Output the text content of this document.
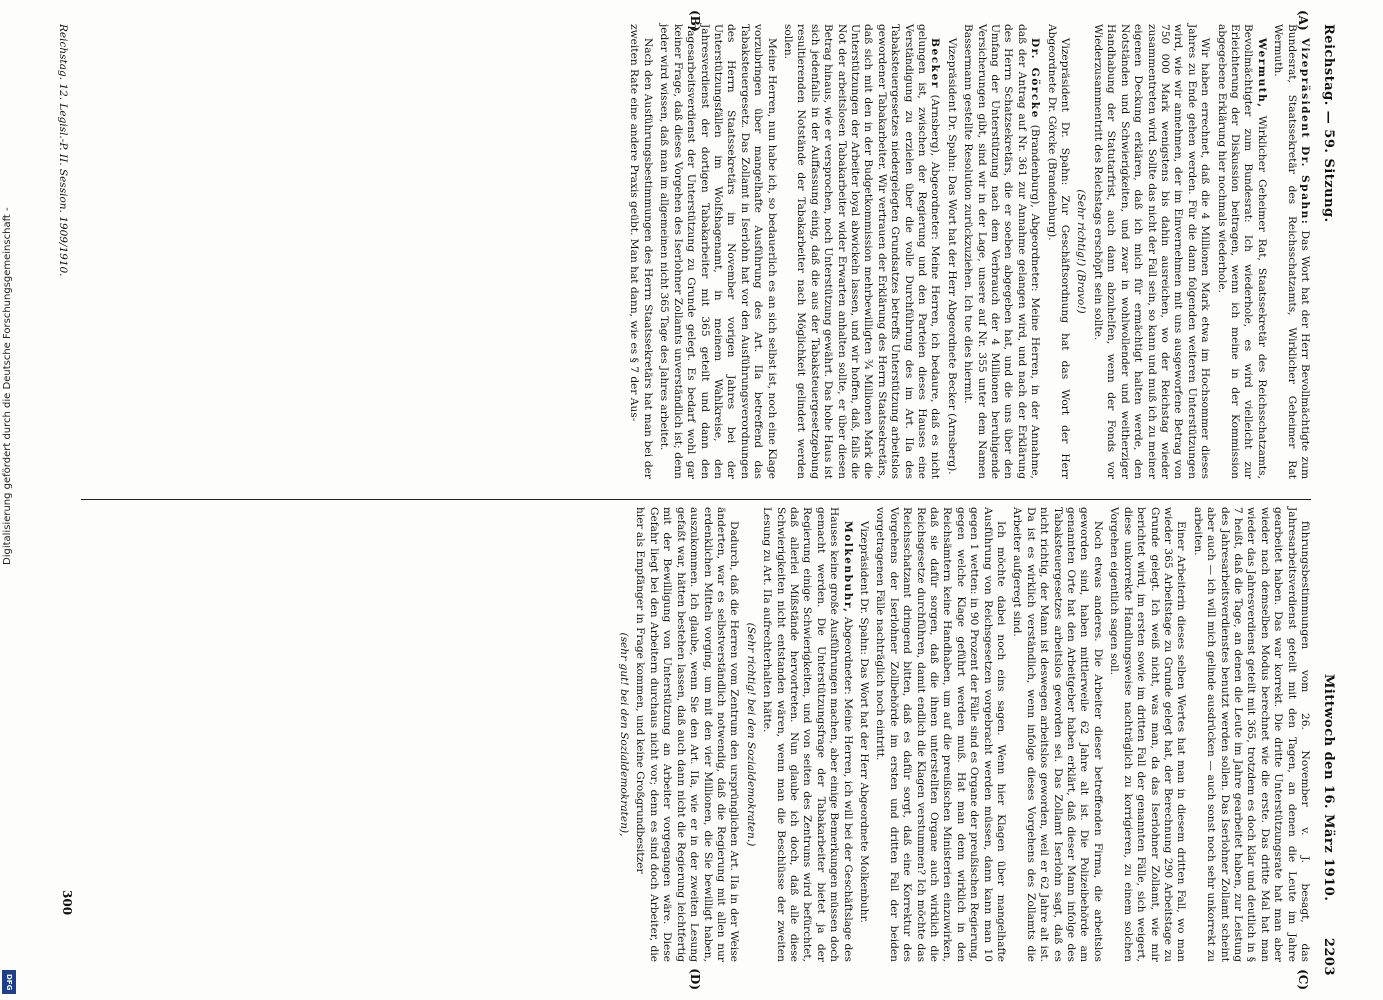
Reichstag. — 59. Sitzung.
Mittwoch den 16. März 1910.
2203
(A)
(B)
(C)
(D)

Vizepräsident Dr. Spahn: Das Wort hat der Herr Bevollmächtigte zum Bundesrat, Staatssekretär des Reichsschatzamts, Wirklicher Geheimer Rat Wermuth.

Wermuth, Wirklicher Geheimer Rat, Staatssekretär des Reichsschatzamts, Bevollmächtigter zum Bundesrat: Ich wiederhole, es wird vielleicht zur Erleichterung der Diskussion beitragen, wenn ich meine in der Kommission abgegebene Erklärung hier nochmals wiederhole.

Wir haben errechnet, daß die 4 Millionen Mark etwa im Hochsommer dieses Jahres zu Ende gehen werden. Für die dann folgenden weiteren Unterstützungen wird, wie wir annehmen, der im Einvernehmen mit uns ausgeworfene Betrag von 750 000 Mark wenigstens bis dahin ausreichen, wo der Reichstag wieder zusammentreten wird. Sollte das nicht der Fall sein, so kann und muß ich zu meiner eigenen Deckung erklären, daß ich mich für ermächtigt halten werde, den Notständen und Schwierigkeiten, und zwar in wohlwollender und weitherziger Handhabung der Statutarfrist, auch dann abzuhelfen, wenn der Fonds vor Wiederzusammentritt des Reichstags erschöpft sein sollte.

(Sehr richtig!) (Bravo!)

Vizepräsident Dr. Spahn: Zur Geschäftsordnung hat das Wort der Herr Abgeordnete Dr. Görcke (Brandenburg).

Dr. Görcke (Brandenburg), Abgeordneter: Meine Herren, in der Annahme, daß der Antrag auf Nr. 361 zur Annahme gelangen wird, und nach der Erklärung des Herrn Schatzsekretärs, die er soeben abgegeben hat, und die uns über den Umfang der Unterstützung nach dem Verbrauch der 4 Millionen beruhigende Versicherungen gibt, sind wir in der Lage, unsere auf Nr. 355 unter dem Namen Bassermann gestellte Resolution zurückzuziehen. Ich tue dies hiermit.

Vizepräsident Dr. Spahn: Das Wort hat der Herr Abgeordnete Becker (Arnsberg).

Becker (Arnsberg), Abgeordneter: Meine Herren, ich bedaure, daß es nicht gelungen ist, zwischen der Regierung und den Parteien dieses Hauses eine Verständigung zu erzielen über die volle Durchführung des im Art. IIa des Tabaksteuergesetzes niedergelegten Grundsatzes betreffs Unterstützung arbeitslos gewordener Tabakarbeiter. Wir vertrauen der Erklärung des Herrn Staatssekretärs, daß sich mit den in der Budgetkommission mehrbewilligten ¾ Millionen Mark die Unterstützungen der Arbeiter loyal abwickeln lassen, und wir hoffen, daß, falls die Not der arbeitslosen Tabakarbeiter wider Erwarten anhalten sollte, er über diesen Betrag hinaus, wie er versprochen, noch Unterstützung gewährt. Das hohe Haus ist sich jedenfalls in der Auffassung einig, daß die aus der Tabaksteuergesetzgebung resultierenden Notstände der Tabakarbeiter nach Möglichkeit gelindert werden sollen.

Meine Herren, nun habe ich, so bedauerlich es an sich selbst ist, noch eine Klage vorzubringen über mangelhafte Ausführung des Art. IIa betreffend das Tabaksteuergesetz. Das Zollamt in Iserlohn hat vor den Ausführungsverordnungen des Herrn Staatssekretärs im November vorigen Jahres bei der Unterstützungsfällen im Wolfshagenamt, in meinem Wahlkreise, den Jahresverdienst der dortigen Tabakarbeiter mit 365 geteilt und dann den Tagesarbeitsverdienst der Unterstützung zu Grunde gelegt. Es bedarf wohl gar keiner Frage, daß dieses Vorgehen des Iserlohner Zollamts unverständlich ist; denn jeder wird wissen, daß man im allgemeinen nicht 365 Tage des Jahres arbeitet.

Nach den Ausführungsbestimmungen des Herrn Staatssekretärs hat man bei der zweiten Rate eine andere Praxis geübt. Man hat dann, wie es § 7 der Aus-

führungsbestimmungen vom 26. November v. J. besagt, das Jahresarbeitsverdienst geteilt mit den Tagen, an denen die Leute im Jahre gearbeitet haben. Das war korrekt. Die dritte Unterstützungsrate hat man aber wieder nach demselben Modus berechnet wie die erste. Das dritte Mal hat man wieder das Jahresverdienst geteilt mit 365, trotzdem es doch klar und deutlich in § 7 heißt, daß die Tage, an denen die Leute im Jahre gearbeitet haben, zur Leistung des Jahresarbeitsverdienstes benutzt werden sollen. Das Iserlohner Zollamt scheint aber auch — ich will mich gelinde ausdrücken — auch sonst noch sehr unkorrekt zu arbeiten.

Einer Arbeiterin dieses selben Wertes hat man in diesem dritten Fall, wo man wieder 365 Arbeitstage zu Grunde gelegt hat, der Berechnung 290 Arbeitstage zu Grunde gelegt. Ich weiß nicht, was man, da das Iserlohner Zollamt, wie mir berichtet wird, im ersten sowie im dritten Fall der genannten Fälle, sich weigert, diese unkorrekte Handlungsweise nachträglich zu korrigieren, zu einem solchen Vorgehen eigentlich sagen soll.

Noch etwas anderes. Die Arbeiter dieser betreffenden Firma, die arbeitslos geworden sind, haben mittlerweile 62 Jahre alt ist. Die Polizeibehörde am genannten Orte hat den Arbeitgeber haben erklärt, daß dieser Mann infolge des Tabaksteuergesetzes arbeitslos geworden sei. Das Zollamt Iserlohn sagt, daß es nicht richtig, der Mann ist deswegen arbeitslos geworden, weil er 62 Jahre alt ist. Da ist es wirklich verständlich, wenn infolge dieses Vorgehens des Zollamts die Arbeiter aufgeregt sind.

Ich möchte dabei noch eins sagen. Wenn hier Klagen über mangelhafte Ausführung von Reichsgesetzen vorgebracht werden müssen, dann kann man 10 gegen 1 wetten: in 90 Prozent der Fälle sind es Organe der preußischen Regierung, gegen welche Klage geführt werden muß. Hat man denn wirklich in den Reichsämtern keine Handhaben, um auf die preußischen Ministerien einzuwirken, daß sie dafür sorgen, daß die ihnen unterstellten Organe auch wirklich die Reichsgesetze durchführen, damit endlich die Klagen verstummen? Ich möchte das Reichsschatzamt dringend bitten, daß es dafür sorgt, daß eine Korrektur des Vorgehens der Iserlohner Zollbehörde im ersten und dritten Fall der beiden vorgetragenen Fälle nachträglich noch eintritt.

Vizepräsident Dr. Spahn: Das Wort hat der Herr Abgeordnete Molkenbuhr.

Molkenbuhr, Abgeordneter: Meine Herren, ich will bei der Geschäftslage des Hauses keine große Ausführungen machen, aber einige Bemerkungen müssen doch gemacht werden. Die Unterstützungsfrage der Tabakarbeiter bietet ja der Regierung einige Schwierigkeiten, und von seiten des Zentrums wird befürchtet, daß allerlei Mißstände hervortreten. Nun glaube ich doch, daß alle diese Schwierigkeiten nicht entstanden wären, wenn man die Beschlüsse der zweiten Lesung zu Art. IIa aufrechterhalten hätte.

(Sehr richtig! bei den Sozialdemokraten.)

Dadurch, daß die Herren vom Zentrum den ursprünglichen Art. IIa in der Weise änderten, war es selbstverständlich notwendig, daß die Regierung mit allen nur erdenklichen Mitteln vorging, um mit den vier Millionen, die Sie bewilligt haben, auszukommen. Ich glaube, wenn Sie den Art. IIa, wie er in der zweiten Lesung gefaßt war, hätten bestehen lassen, daß auch dann nicht die Regierung leichtfertig mit der Bewilligung von Unterstützung an Arbeiter vorgegangen wäre. Diese Gefahr liegt bei den Arbeitern durchaus nicht vor; denn es sind doch Arbeiter, die hier als Empfänger in Frage kommen, und keine Großgrundbesitzer

(sehr gut! bei den Sozialdemokraten),

Reichstag. 12. Legisl.-P. II. Session. 1909/1910.
300
Digitalisierung gefördert durch die Deutsche Forschungsgemeinschaft -
DFG
